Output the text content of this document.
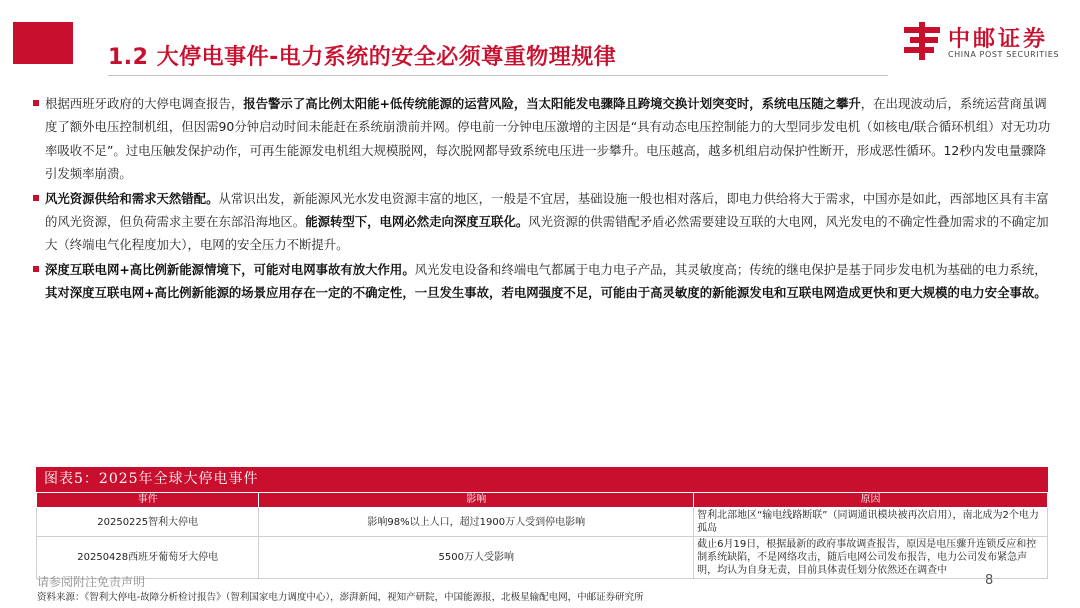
1.2 大停电事件-电力系统的安全必须尊重物理规律
中邮证券
CHINA POST SECURITIES
根据西班牙政府的大停电调查报告，报告警示了高比例太阳能+低传统能源的运营风险，当太阳能发电骤降且跨境交换计划突变时，系统电压随之攀升，在出现波动后，系统运营商虽调度了额外电压控制机组，但因需90分钟启动时间未能赶在系统崩溃前并网。停电前一分钟电压激增的主因是“具有动态电压控制能力的大型同步发电机（如核电/联合循环机组）对无功功率吸收不足”。过电压触发保护动作，可再生能源发电机组大规模脱网，每次脱网都导致系统电压进一步攀升。电压越高，越多机组启动保护性断开，形成恶性循环。12秒内发电量骤降引发频率崩溃。
风光资源供给和需求天然错配。从常识出发，新能源风光水发电资源丰富的地区，一般是不宜居，基础设施一般也相对落后，即电力供给将大于需求，中国亦是如此，西部地区具有丰富的风光资源，但负荷需求主要在东部沿海地区。能源转型下，电网必然走向深度互联化。风光资源的供需错配矛盾必然需要建设互联的大电网，风光发电的不确定性叠加需求的不确定加大（终端电气化程度加大），电网的安全压力不断提升。
深度互联电网+高比例新能源情境下，可能对电网事故有放大作用。风光发电设备和终端电气都属于电力电子产品，其灵敏度高；传统的继电保护是基于同步发电机为基础的电力系统，其对深度互联电网+高比例新能源的场景应用存在一定的不确定性，一旦发生事故，若电网强度不足，可能由于高灵敏度的新能源发电和互联电网造成更快和更大规模的电力安全事故。
图表5：2025年全球大停电事件
事件	影响	原因
20250225智利大停电	影响98%以上人口，超过1900万人受到停电影响	智利北部地区“输电线路断联”（同调通讯模块被再次启用），南北成为2个电力孤岛
20250428西班牙葡萄牙大停电	5500万人受影响	截止6月19日，根据最新的政府事故调查报告，原因是电压骤升连锁反应和控制系统缺陷，不是网络攻击，随后电网公司发布报告，电力公司发布紧急声明，均认为自身无责，目前具体责任划分依然还在调查中
请参阅附注免责声明	8
资料来源：《智利大停电-故障分析检讨报告》（智利国家电力调度中心），澎湃新闻，视知产研院，中国能源报，北极星输配电网，中邮证券研究所
